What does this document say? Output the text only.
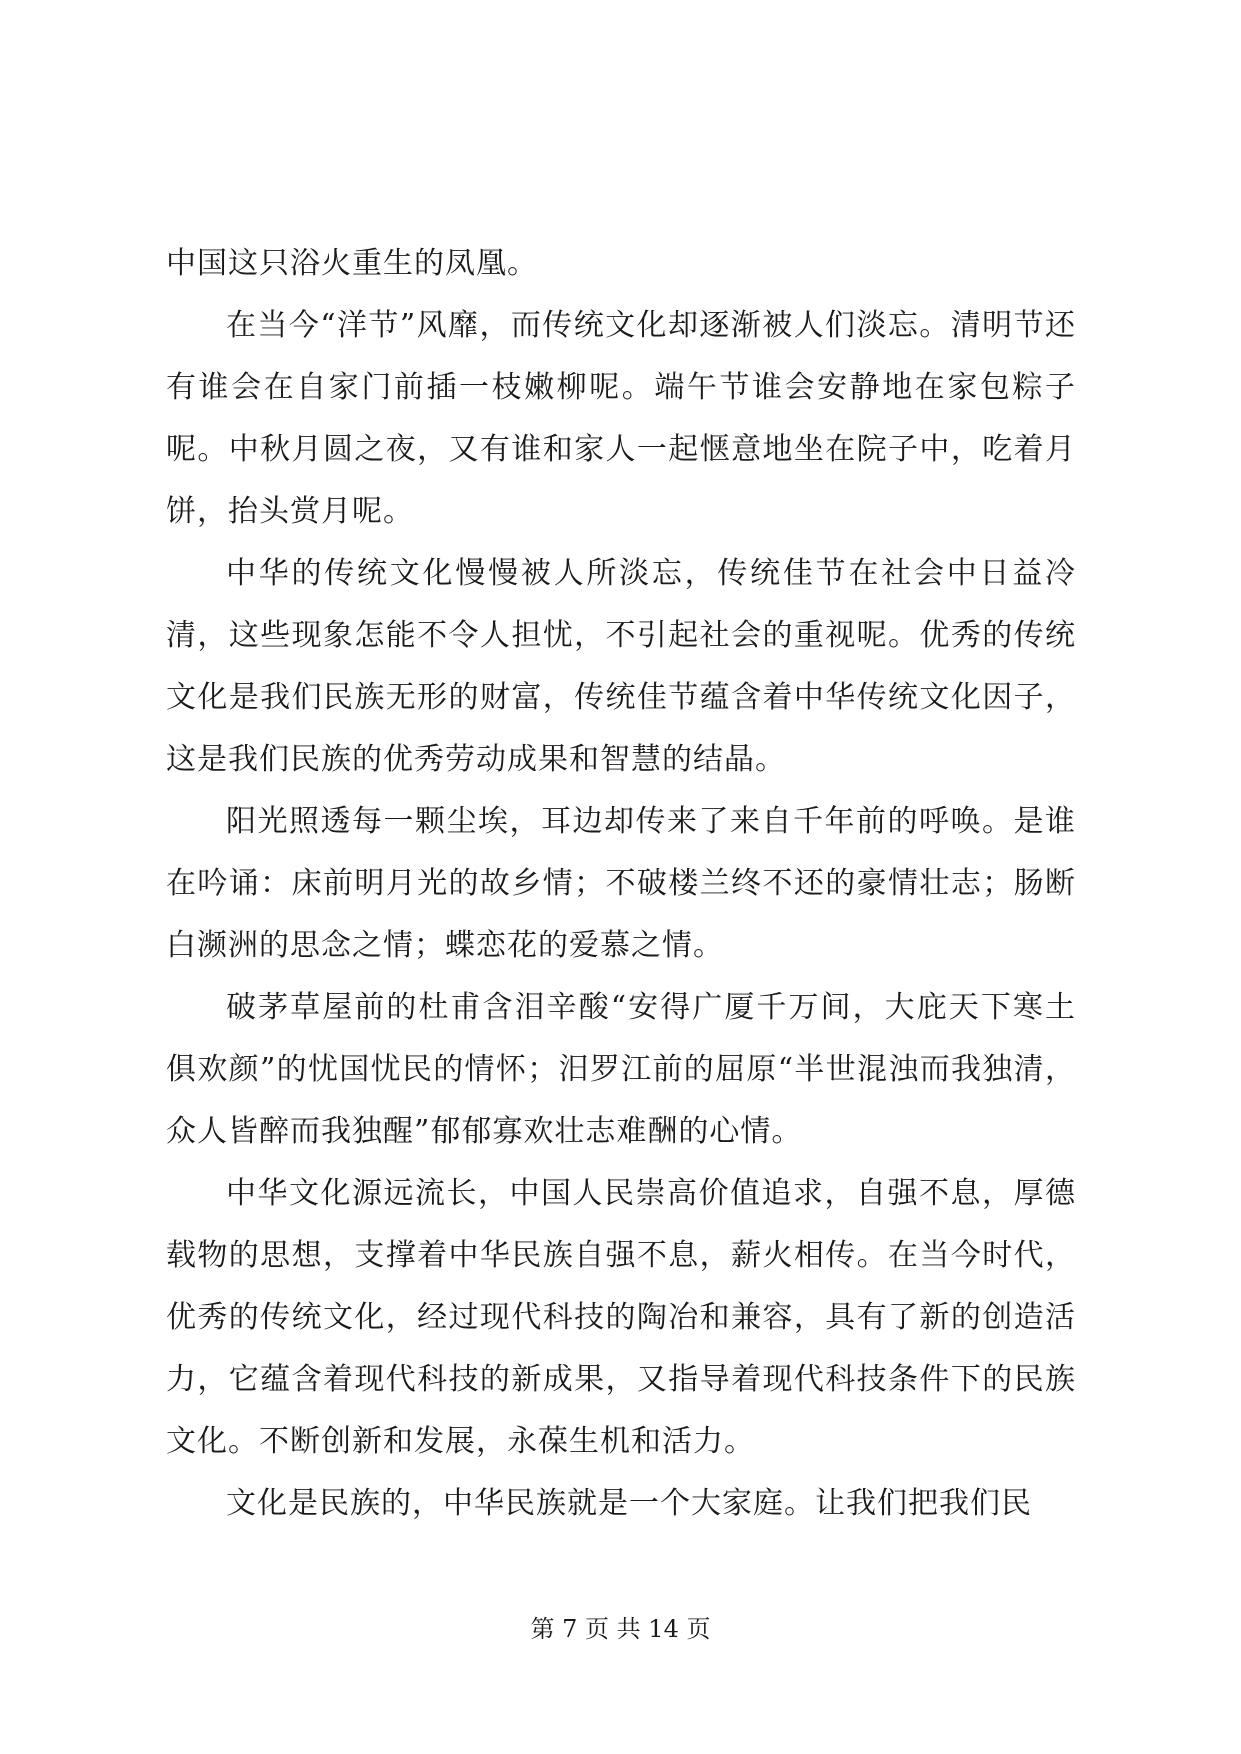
中国这只浴火重生的凤凰。

在当今“洋节”风靡，而传统文化却逐渐被人们淡忘。清明节还有谁会在自家门前插一枝嫩柳呢。端午节谁会安静地在家包粽子呢。中秋月圆之夜，又有谁和家人一起惬意地坐在院子中，吃着月饼，抬头赏月呢。

中华的传统文化慢慢被人所淡忘，传统佳节在社会中日益冷清，这些现象怎能不令人担忧，不引起社会的重视呢。优秀的传统文化是我们民族无形的财富，传统佳节蕴含着中华传统文化因子，这是我们民族的优秀劳动成果和智慧的结晶。

阳光照透每一颗尘埃，耳边却传来了来自千年前的呼唤。是谁在吟诵：床前明月光的故乡情；不破楼兰终不还的豪情壮志；肠断白濒洲的思念之情；蝶恋花的爱慕之情。

破茅草屋前的杜甫含泪辛酸“安得广厦千万间，大庇天下寒土俱欢颜”的忧国忧民的情怀；汨罗江前的屈原“半世混浊而我独清，众人皆醉而我独醒”郁郁寡欢壮志难酬的心情。

中华文化源远流长，中国人民崇高价值追求，自强不息，厚德载物的思想，支撑着中华民族自强不息，薪火相传。在当今时代，优秀的传统文化，经过现代科技的陶冶和兼容，具有了新的创造活力，它蕴含着现代科技的新成果，又指导着现代科技条件下的民族文化。不断创新和发展，永葆生机和活力。

文化是民族的，中华民族就是一个大家庭。让我们把我们民

第 7 页 共 14 页
